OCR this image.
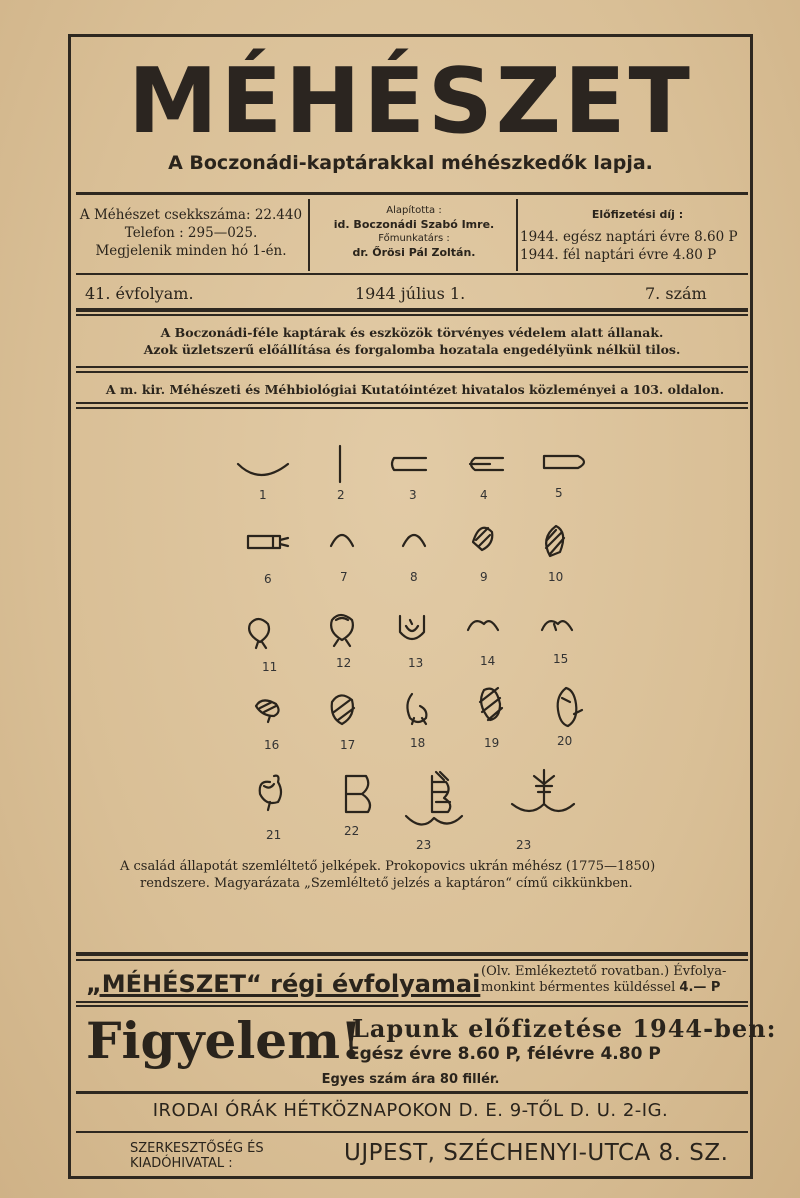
MÉHÉSZET
A Boczonádi-kaptárakkal méhészkedők lapja.
A Méhészet csekkszáma: 22.440
Telefon : 295—025.
Megjelenik minden hó 1-én.
Alapította :
id. Boczonádi Szabó Imre.
Főmunkatárs :
dr. Őrösi Pál Zoltán.
Előfizetési díj :
1944. egész naptári évre 8.60 P
1944. fél naptári évre 4.80 P
41. évfolyam.	1944 július 1.	7. szám
A Boczonádi-féle kaptárak és eszközök törvényes védelem alatt állanak.
Azok üzletszerű előállítása és forgalomba hozatala engedélyünk nélkül tilos.
A m. kir. Méhészeti és Méhbiológiai Kutatóintézet hivatalos közleményei a 103. oldalon.
1	2	3	4	5
6	7	8	9	10
11	12	13	14	15
16	17	18	19	20
21	22
23	23
A család állapotát szemléltető jelképek. Prokopovics ukrán méhész (1775—1850)
rendszere. Magyarázata „Szemléltető jelzés a kaptáron“ című cikkünkben.
„MÉHÉSZET“ régi évfolyamai (Olv. Emlékeztető rovatban.) Évfolya-
monkint bérmentes küldéssel 4.— P
Figyelem!
Lapunk előfizetése 1944-ben:
Egész évre 8.60 P, félévre 4.80 P
Egyes szám ára 80 fillér.
IRODAI ÓRÁK HÉTKÖZNAPOKON D. E. 9-TŐL D. U. 2-IG.
SZERKESZTŐSÉG ÉS
KIADÓHIVATAL :	UJPEST, SZÉCHENYI-UTCA 8. SZ.
